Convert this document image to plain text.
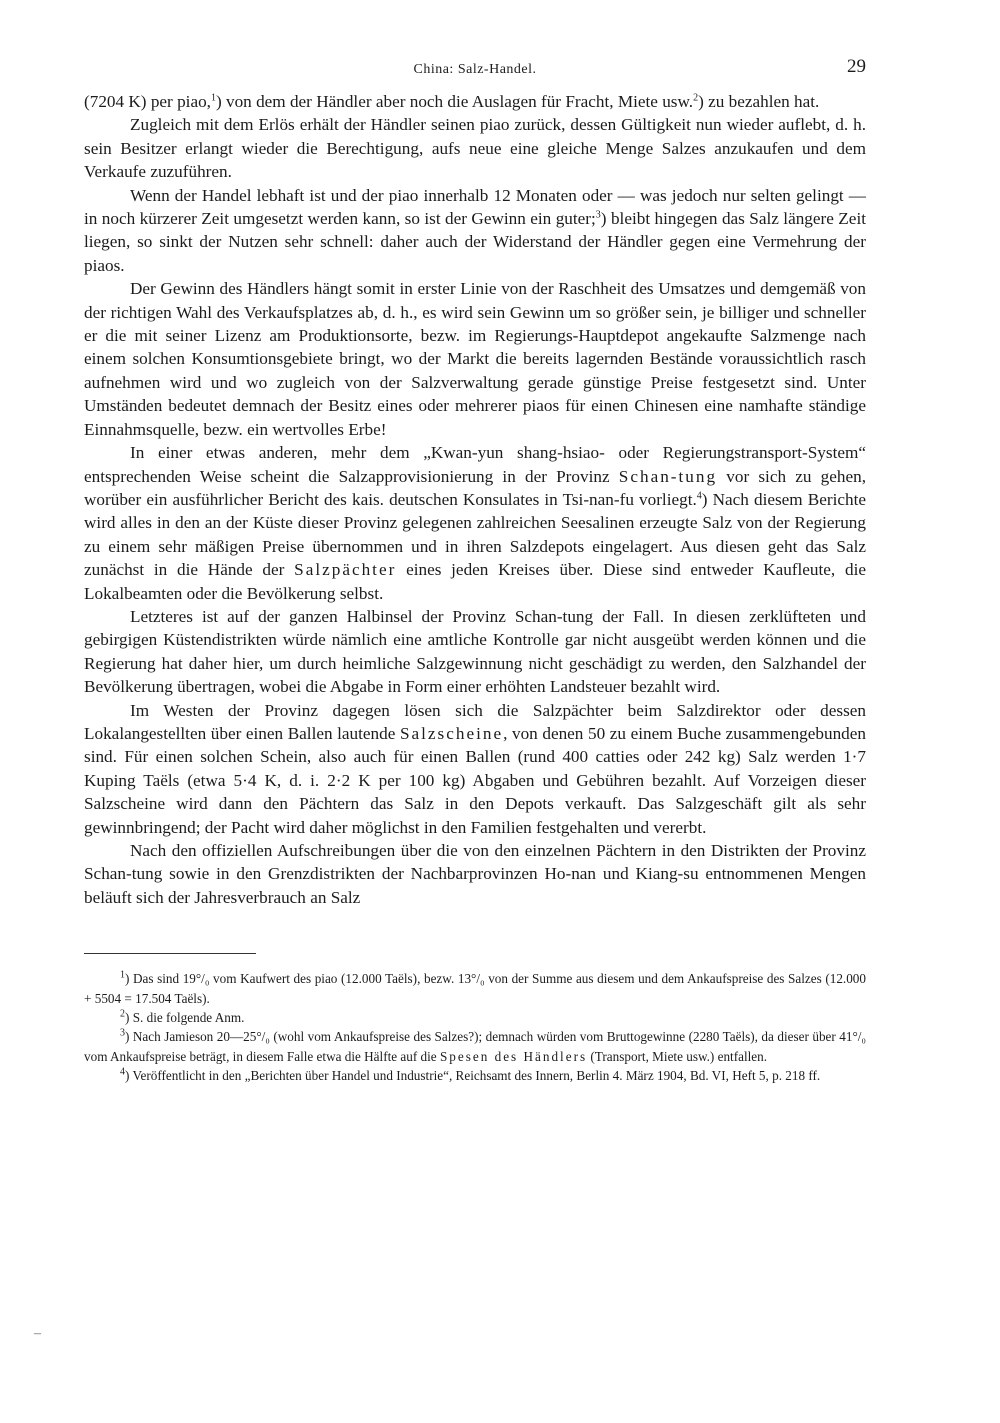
China: Salz-Handel.	29

(7204 K) per piao,$^1$) von dem der Händler aber noch die Auslagen für Fracht, Miete usw.$^2$) zu bezahlen hat.

Zugleich mit dem Erlös erhält der Händler seinen piao zurück, dessen Gültigkeit nun wieder auflebt, d. h. sein Besitzer erlangt wieder die Berechtigung, aufs neue eine gleiche Menge Salzes anzukaufen und dem Verkaufe zuzuführen.

Wenn der Handel lebhaft ist und der piao innerhalb 12 Monaten oder — was jedoch nur selten gelingt — in noch kürzerer Zeit umgesetzt werden kann, so ist der Gewinn ein guter;$^3$) bleibt hingegen das Salz längere Zeit liegen, so sinkt der Nutzen sehr schnell: daher auch der Widerstand der Händler gegen eine Vermehrung der piaos.

Der Gewinn des Händlers hängt somit in erster Linie von der Raschheit des Umsatzes und demgemäß von der richtigen Wahl des Verkaufsplatzes ab, d. h., es wird sein Gewinn um so größer sein, je billiger und schneller er die mit seiner Lizenz am Produktionsorte, bezw. im Regierungs-Hauptdepot angekaufte Salzmenge nach einem solchen Konsumtionsgebiete bringt, wo der Markt die bereits lagernden Bestände voraussichtlich rasch aufnehmen wird und wo zugleich von der Salzverwaltung gerade günstige Preise festgesetzt sind. Unter Umständen bedeutet demnach der Besitz eines oder mehrerer piaos für einen Chinesen eine namhafte ständige Einnahmsquelle, bezw. ein wertvolles Erbe!

In einer etwas anderen, mehr dem „Kwan-yun shang-hsiao- oder Regierungstransport-System“ entsprechenden Weise scheint die Salzapprovisionierung in der Provinz Schan-tung vor sich zu gehen, worüber ein ausführlicher Bericht des kais. deutschen Konsulates in Tsi-nan-fu vorliegt.$^4$) Nach diesem Berichte wird alles in den an der Küste dieser Provinz gelegenen zahlreichen Seesalinen erzeugte Salz von der Regierung zu einem sehr mäßigen Preise übernommen und in ihren Salzdepots eingelagert. Aus diesen geht das Salz zunächst in die Hände der Salzpächter eines jeden Kreises über. Diese sind entweder Kaufleute, die Lokalbeamten oder die Bevölkerung selbst.

Letzteres ist auf der ganzen Halbinsel der Provinz Schan-tung der Fall. In diesen zerklüfteten und gebirgigen Küstendistrikten würde nämlich eine amtliche Kontrolle gar nicht ausgeübt werden können und die Regierung hat daher hier, um durch heimliche Salzgewinnung nicht geschädigt zu werden, den Salzhandel der Bevölkerung übertragen, wobei die Abgabe in Form einer erhöhten Landsteuer bezahlt wird.

Im Westen der Provinz dagegen lösen sich die Salzpächter beim Salzdirektor oder dessen Lokalangestellten über einen Ballen lautende Salzscheine, von denen 50 zu einem Buche zusammengebunden sind. Für einen solchen Schein, also auch für einen Ballen (rund 400 catties oder 242 kg) Salz werden 1·7 Kuping Taëls (etwa 5·4 K, d. i. 2·2 K per 100 kg) Abgaben und Gebühren bezahlt. Auf Vorzeigen dieser Salzscheine wird dann den Pächtern das Salz in den Depots verkauft. Das Salzgeschäft gilt als sehr gewinnbringend; der Pacht wird daher möglichst in den Familien festgehalten und vererbt.

Nach den offiziellen Aufschreibungen über die von den einzelnen Pächtern in den Distrikten der Provinz Schan-tung sowie in den Grenzdistrikten der Nachbarprovinzen Ho-nan und Kiang-su entnommenen Mengen beläuft sich der Jahresverbrauch an Salz

$^1$) Das sind 19°/₀ vom Kaufwert des piao (12.000 Taëls), bezw. 13°/₀ von der Summe aus diesem und dem Ankaufspreise des Salzes (12.000 + 5504 = 17.504 Taëls).

$^2$) S. die folgende Anm.

$^3$) Nach Jamieson 20—25°/₀ (wohl vom Ankaufspreise des Salzes?); demnach würden vom Bruttogewinne (2280 Taëls), da dieser über 41°/₀ vom Ankaufspreise beträgt, in diesem Falle etwa die Hälfte auf die Spesen des Händlers (Transport, Miete usw.) entfallen.

$^4$) Veröffentlicht in den „Berichten über Handel und Industrie“, Reichsamt des Innern, Berlin 4. März 1904, Bd. VI, Heft 5, p. 218 ff.

–
